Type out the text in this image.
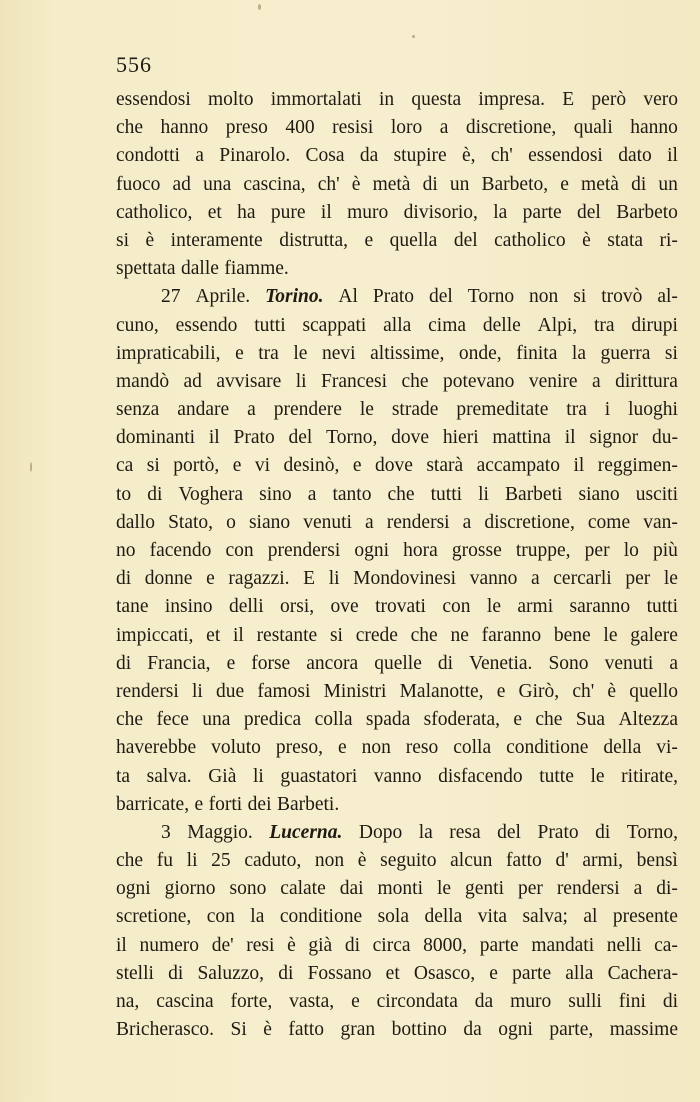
556
essendosi molto immortalati in questa impresa. E però vero
che hanno preso 400 resisi loro a discretione, quali hanno
condotti a Pinarolo. Cosa da stupire è, ch' essendosi dato il
fuoco ad una cascina, ch' è metà di un Barbeto, e metà di un
catholico, et ha pure il muro divisorio, la parte del Barbeto
si è interamente distrutta, e quella del catholico è stata ri-
spettata dalle fiamme.
27 Aprile. Torino. Al Prato del Torno non si trovò al-
cuno, essendo tutti scappati alla cima delle Alpi, tra dirupi
impraticabili, e tra le nevi altissime, onde, finita la guerra si
mandò ad avvisare li Francesi che potevano venire a dirittura
senza andare a prendere le strade premeditate tra i luoghi
dominanti il Prato del Torno, dove hieri mattina il signor du-
ca si portò, e vi desinò, e dove starà accampato il reggimen-
to di Voghera sino a tanto che tutti li Barbeti siano usciti
dallo Stato, o siano venuti a rendersi a discretione, come van-
no facendo con prendersi ogni hora grosse truppe, per lo più
di donne e ragazzi. E li Mondovinesi vanno a cercarli per le
tane insino delli orsi, ove trovati con le armi saranno tutti
impiccati, et il restante si crede che ne faranno bene le galere
di Francia, e forse ancora quelle di Venetia. Sono venuti a
rendersi li due famosi Ministri Malanotte, e Girò, ch' è quello
che fece una predica colla spada sfoderata, e che Sua Altezza
haverebbe voluto preso, e non reso colla conditione della vi-
ta salva. Già li guastatori vanno disfacendo tutte le ritirate,
barricate, e forti dei Barbeti.
3 Maggio. Lucerna. Dopo la resa del Prato di Torno,
che fu li 25 caduto, non è seguito alcun fatto d' armi, bensì
ogni giorno sono calate dai monti le genti per rendersi a di-
scretione, con la conditione sola della vita salva; al presente
il numero de' resi è già di circa 8000, parte mandati nelli ca-
stelli di Saluzzo, di Fossano et Osasco, e parte alla Cachera-
na, cascina forte, vasta, e circondata da muro sulli fini di
Bricherasco. Si è fatto gran bottino da ogni parte, massime
